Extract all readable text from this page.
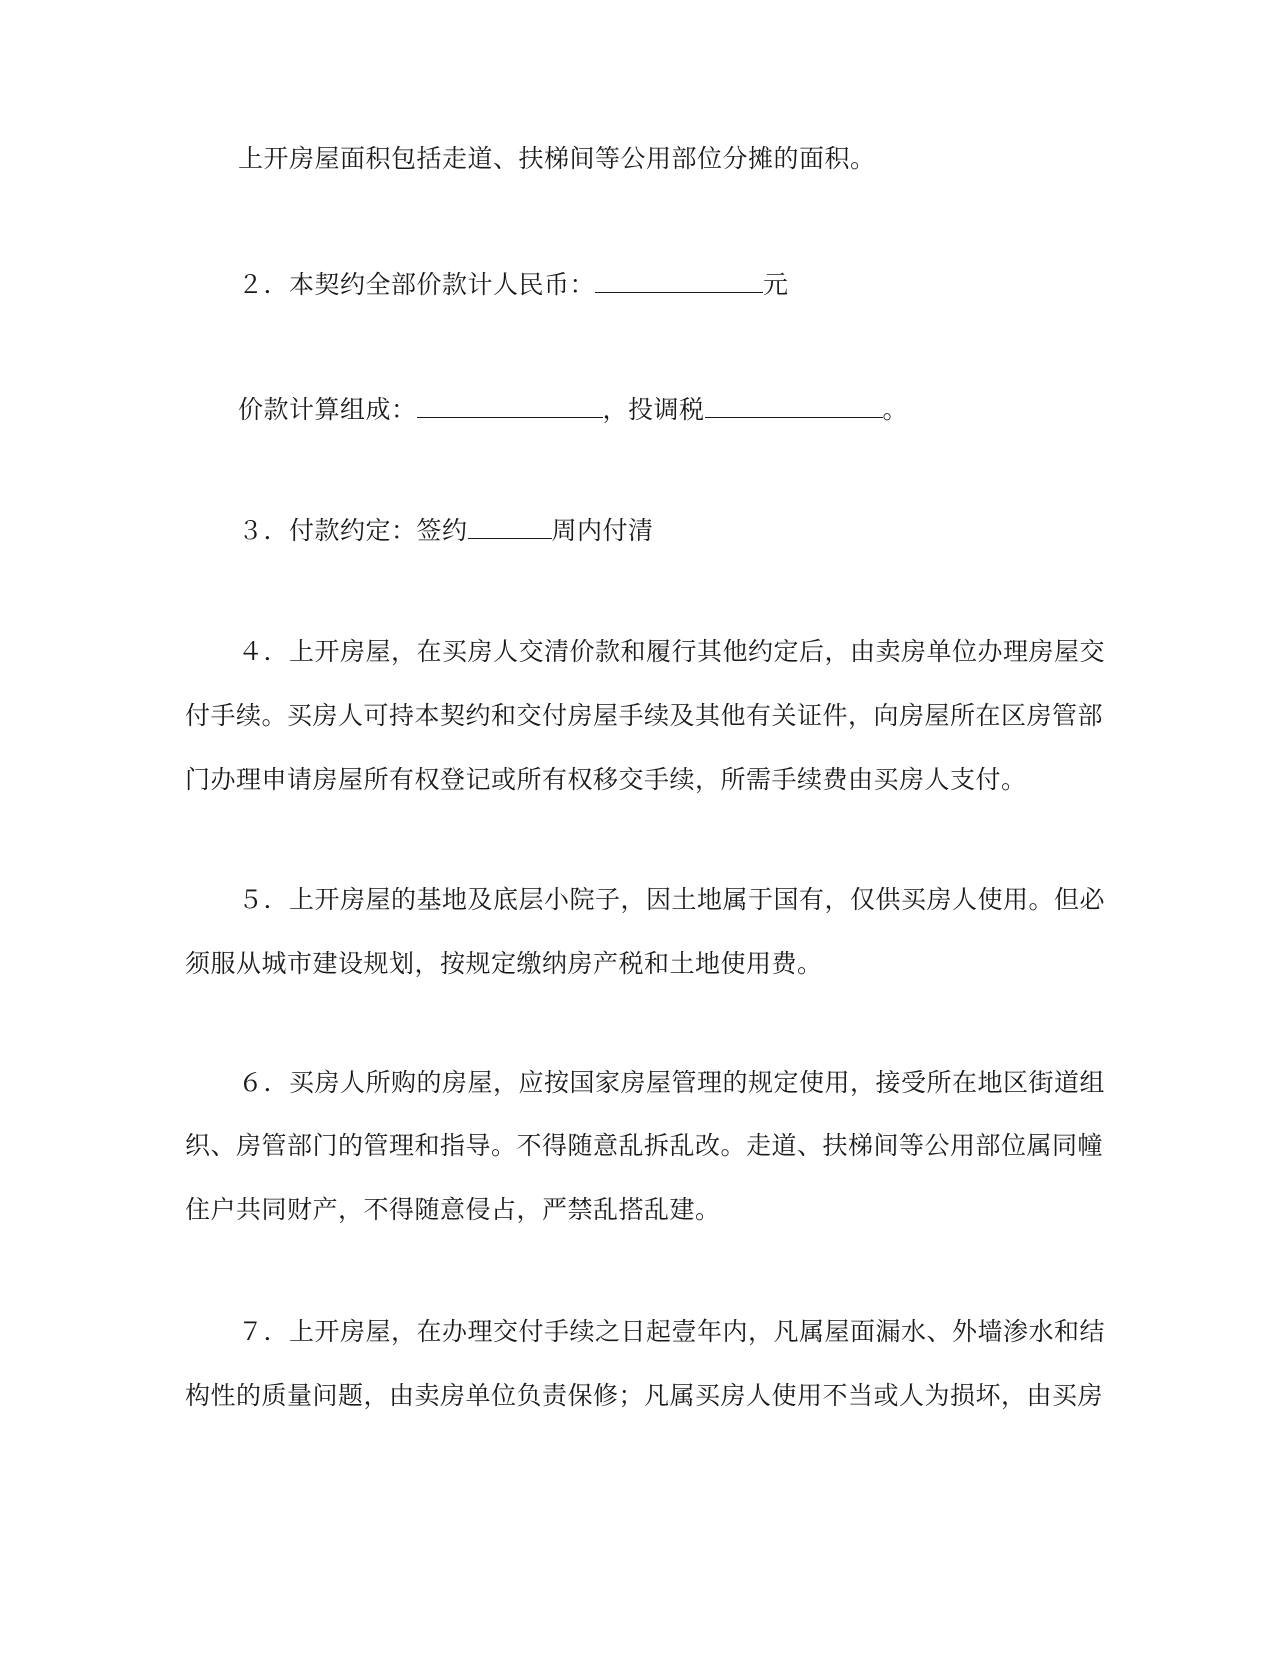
上开房屋面积包括走道、扶梯间等公用部位分摊的面积。
２．本契约全部价款计人民币：	元
价款计算组成：	，投调税	。
３．付款约定：签约	周内付清
４．上开房屋，在买房人交清价款和履行其他约定后，由卖房单位办理房屋交
付手续。买房人可持本契约和交付房屋手续及其他有关证件，向房屋所在区房管部
门办理申请房屋所有权登记或所有权移交手续，所需手续费由买房人支付。
５．上开房屋的基地及底层小院子，因土地属于国有，仅供买房人使用。但必
须服从城市建设规划，按规定缴纳房产税和土地使用费。
６．买房人所购的房屋，应按国家房屋管理的规定使用，接受所在地区街道组
织、房管部门的管理和指导。不得随意乱拆乱改。走道、扶梯间等公用部位属同幢
住户共同财产，不得随意侵占，严禁乱搭乱建。
７．上开房屋，在办理交付手续之日起壹年内，凡属屋面漏水、外墙渗水和结
构性的质量问题，由卖房单位负责保修；凡属买房人使用不当或人为损坏，由买房
